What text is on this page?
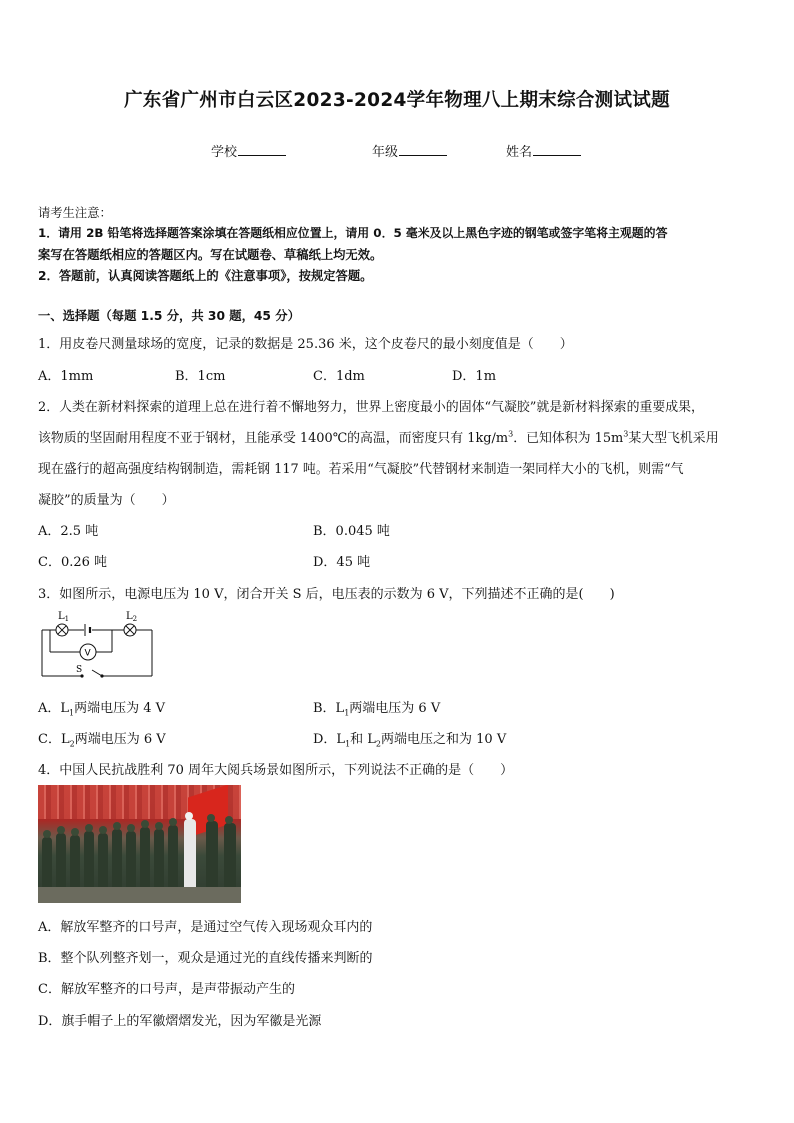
广东省广州市白云区2023-2024学年物理八上期末综合测试试题
学校	年级	姓名
请考生注意：
1．请用 2B 铅笔将选择题答案涂填在答题纸相应位置上，请用 0．5 毫米及以上黑色字迹的钢笔或签字笔将主观题的答
案写在答题纸相应的答题区内。写在试题卷、草稿纸上均无效。
2．答题前，认真阅读答题纸上的《注意事项》，按规定答题。
一、选择题（每题 1.5 分，共 30 题，45 分）
1．用皮卷尺测量球场的宽度，记录的数据是 25.36 米，这个皮卷尺的最小刻度值是（　　）
A．1mm	B．1cm	C．1dm	D．1m
2．人类在新材料探索的道理上总在进行着不懈地努力，世界上密度最小的固体“气凝胶”就是新材料探索的重要成果，
该物质的坚固耐用程度不亚于钢材，且能承受 1400℃的高温，而密度只有 $1kg/m^3$．已知体积为 $15m^3$某大型飞机采用
现在盛行的超高强度结构钢制造，需耗钢 117 吨。若采用“气凝胶”代替钢材来制造一架同样大小的飞机，则需“气
凝胶”的质量为（　　）
A．2.5 吨	B．0.045 吨
C．0.26 吨	D．45 吨
3．如图所示，电源电压为 10 V，闭合开关 S 后，电压表的示数为 6 V，下列描述不正确的是(　　)
$L_1$	$L_2$
V
S
A．$L_1$两端电压为 4 V	B．$L_1$两端电压为 6 V
C．$L_2$两端电压为 6 V	D．$L_1$和 $L_2$两端电压之和为 10 V
4．中国人民抗战胜利 70 周年大阅兵场景如图所示，下列说法不正确的是（　　）
A．解放军整齐的口号声，是通过空气传入现场观众耳内的
B．整个队列整齐划一，观众是通过光的直线传播来判断的
C．解放军整齐的口号声，是声带振动产生的
D．旗手帽子上的军徽熠熠发光，因为军徽是光源
